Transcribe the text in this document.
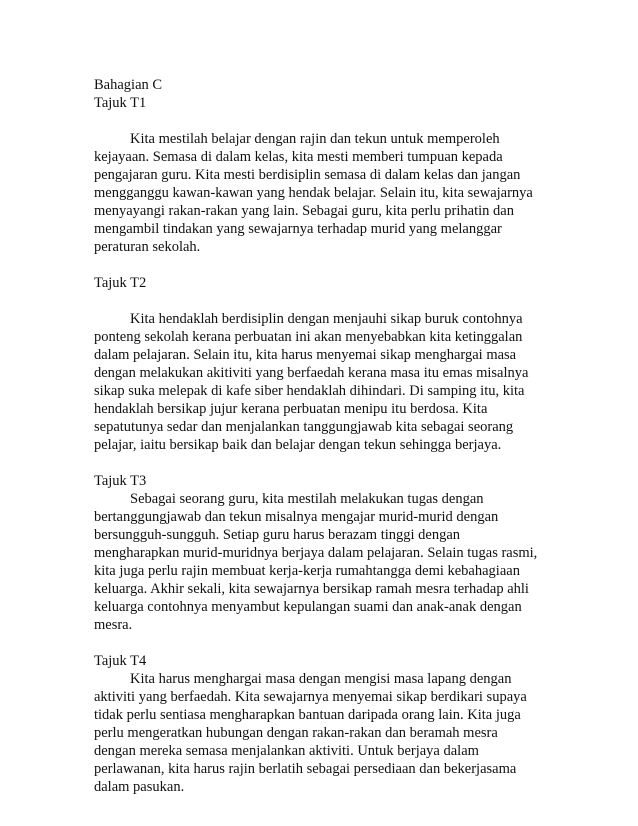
Bahagian C
Tajuk T1
Kita mestilah belajar dengan rajin dan tekun untuk memperoleh
kejayaan. Semasa di dalam kelas, kita mesti memberi tumpuan kepada
pengajaran guru. Kita mesti berdisiplin semasa di dalam kelas dan jangan
mengganggu kawan-kawan yang hendak belajar. Selain itu, kita sewajarnya
menyayangi rakan-rakan yang lain. Sebagai guru, kita perlu prihatin dan
mengambil tindakan yang sewajarnya terhadap murid yang melanggar
peraturan sekolah.
Tajuk T2
Kita hendaklah berdisiplin dengan menjauhi sikap buruk contohnya
ponteng sekolah kerana perbuatan ini akan menyebabkan kita ketinggalan
dalam pelajaran. Selain itu, kita harus menyemai sikap menghargai masa
dengan melakukan akitiviti yang berfaedah kerana masa itu emas misalnya
sikap suka melepak di kafe siber hendaklah dihindari. Di samping itu, kita
hendaklah bersikap jujur kerana perbuatan menipu itu berdosa. Kita
sepatutunya sedar dan menjalankan tanggungjawab kita sebagai seorang
pelajar, iaitu bersikap baik dan belajar dengan tekun sehingga berjaya.
Tajuk T3
Sebagai seorang guru, kita mestilah melakukan tugas dengan
bertanggungjawab dan tekun misalnya mengajar murid-murid dengan
bersungguh-sungguh. Setiap guru harus berazam tinggi dengan
mengharapkan murid-muridnya berjaya dalam pelajaran. Selain tugas rasmi,
kita juga perlu rajin membuat kerja-kerja rumahtangga demi kebahagiaan
keluarga. Akhir sekali, kita sewajarnya bersikap ramah mesra terhadap ahli
keluarga contohnya menyambut kepulangan suami dan anak-anak dengan
mesra.
Tajuk T4
Kita harus menghargai masa dengan mengisi masa lapang dengan
aktiviti yang berfaedah. Kita sewajarnya menyemai sikap berdikari supaya
tidak perlu sentiasa mengharapkan bantuan daripada orang lain. Kita juga
perlu mengeratkan hubungan dengan rakan-rakan dan beramah mesra
dengan mereka semasa menjalankan aktiviti. Untuk berjaya dalam
perlawanan, kita harus rajin berlatih sebagai persediaan dan bekerjasama
dalam pasukan.
